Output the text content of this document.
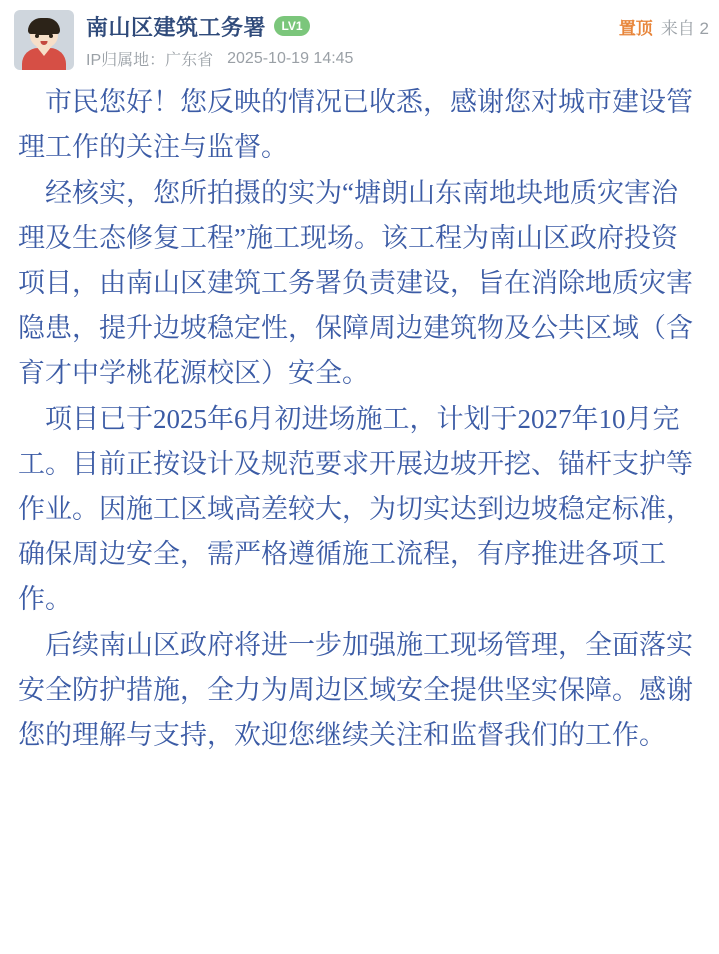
南山区建筑工务署	LV1
IP归属地：广东省 2025-10-19 14:45
置顶 来自 2

市民您好！您反映的情况已收悉，感谢您对城市建设管理工作的关注与监督。

经核实，您所拍摄的实为“塘朗山东南地块地质灾害治理及生态修复工程”施工现场。该工程为南山区政府投资项目，由南山区建筑工务署负责建设，旨在消除地质灾害隐患，提升边坡稳定性，保障周边建筑物及公共区域（含育才中学桃花源校区）安全。

项目已于2025年6月初进场施工，计划于2027年10月完工。目前正按设计及规范要求开展边坡开挖、锚杆支护等作业。因施工区域高差较大，为切实达到边坡稳定标准，确保周边安全，需严格遵循施工流程，有序推进各项工作。

后续南山区政府将进一步加强施工现场管理，全面落实安全防护措施，全力为周边区域安全提供坚实保障。感谢您的理解与支持，欢迎您继续关注和监督我们的工作。
